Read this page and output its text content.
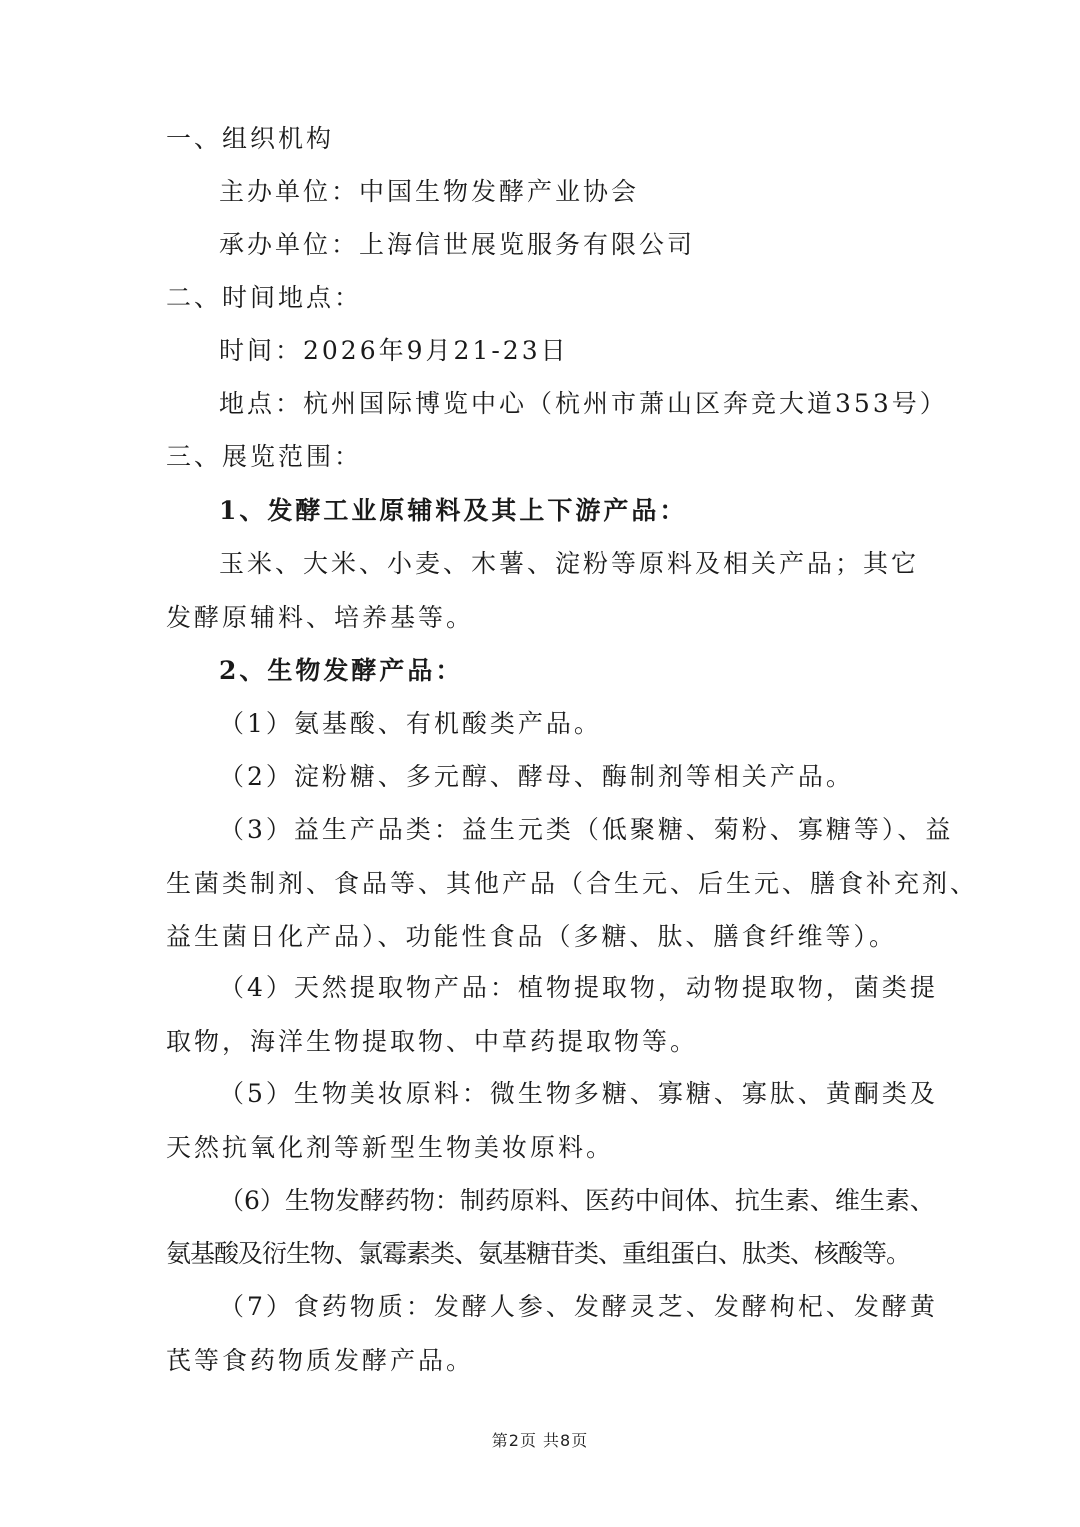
一、组织机构

主办单位：中国生物发酵产业协会

承办单位：上海信世展览服务有限公司

二、时间地点：

时间：2026年9月21-23日

地点：杭州国际博览中心（杭州市萧山区奔竞大道353号）

三、展览范围：

1、发酵工业原辅料及其上下游产品：

玉米、大米、小麦、木薯、淀粉等原料及相关产品；其它

发酵原辅料、培养基等。

2、生物发酵产品：

（1）氨基酸、有机酸类产品。

（2）淀粉糖、多元醇、酵母、酶制剂等相关产品。

（3）益生产品类：益生元类（低聚糖、菊粉、寡糖等）、益

生菌类制剂、食品等、其他产品（合生元、后生元、膳食补充剂、

益生菌日化产品）、功能性食品（多糖、肽、膳食纤维等）。

（4）天然提取物产品：植物提取物，动物提取物，菌类提

取物，海洋生物提取物、中草药提取物等。

（5）生物美妆原料：微生物多糖、寡糖、寡肽、黄酮类及

天然抗氧化剂等新型生物美妆原料。

（6）生物发酵药物：制药原料、医药中间体、抗生素、维生素、

氨基酸及衍生物、氯霉素类、氨基糖苷类、重组蛋白、肽类、核酸等。

（7）食药物质：发酵人参、发酵灵芝、发酵枸杞、发酵黄

芪等食药物质发酵产品。

第2页 共8页
